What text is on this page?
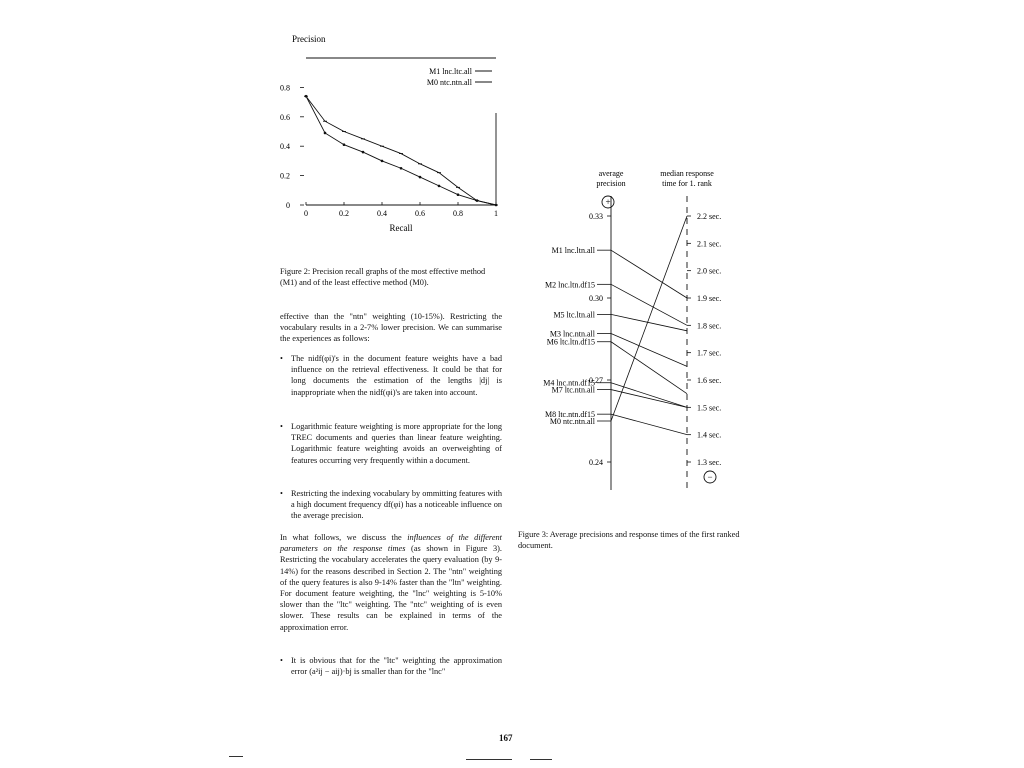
Precision
0	0.2	0.4	0.6	0.8	1
0
0.2
0.4
0.6
0.8
M1 lnc.ltc.all
M0 ntc.ntn.all
Recall
Figure 2: Precision recall graphs of the most effective method (M1) and of the least effective method (M0).
effective than the "ntn" weighting (10-15%). Restricting the vocabulary results in a 2-7% lower precision. We can summarise the experiences as follows:
• The nidf(φi)'s in the document feature weights have a bad influence on the retrieval effectiveness. It could be that for long documents the estimation of the lengths |dj| is inappropriate when the nidf(φi)'s are taken into account.
• Logarithmic feature weighting is more appropriate for the long TREC documents and queries than linear feature weighting. Logarithmic feature weighting avoids an overweighting of features occurring very frequently within a document.
• Restricting the indexing vocabulary by ommitting features with a high document frequency df(φi) has a noticeable influence on the average precision.
In what follows, we discuss the influences of the different parameters on the response times (as shown in Figure 3). Restricting the vocabulary accelerates the query evaluation (by 9-14%) for the reasons described in Section 2. The "ntn" weighting of the query features is also 9-14% faster than the "ltn" weighting. For document feature weighting, the "lnc" weighting is 5-10% slower than the "ltc" weighting. The "ntc" weighting of is even slower. These results can be explained in terms of the approximation error.
• It is obvious that for the "ltc" weighting the approximation error (a²ij − aij)·bj is smaller than for the "lnc"
average
precision
median response
time for 1. rank
+
−
0.33
0.30
0.27
0.24
2.2 sec.
2.1 sec.
2.0 sec.
1.9 sec.
1.8 sec.
1.7 sec.
1.6 sec.
1.5 sec.
1.4 sec.
1.3 sec.
M1 lnc.ltn.all
M2 lnc.ltn.df15
M5 ltc.ltn.all
M3 lnc.ntn.all
M6 ltc.ltn.df15
M4 lnc.ntn.df15
M7 ltc.ntn.all
M8 ltc.ntn.df15
M0 ntc.ntn.all
Figure 3: Average precisions and response times of the first ranked document.
167
